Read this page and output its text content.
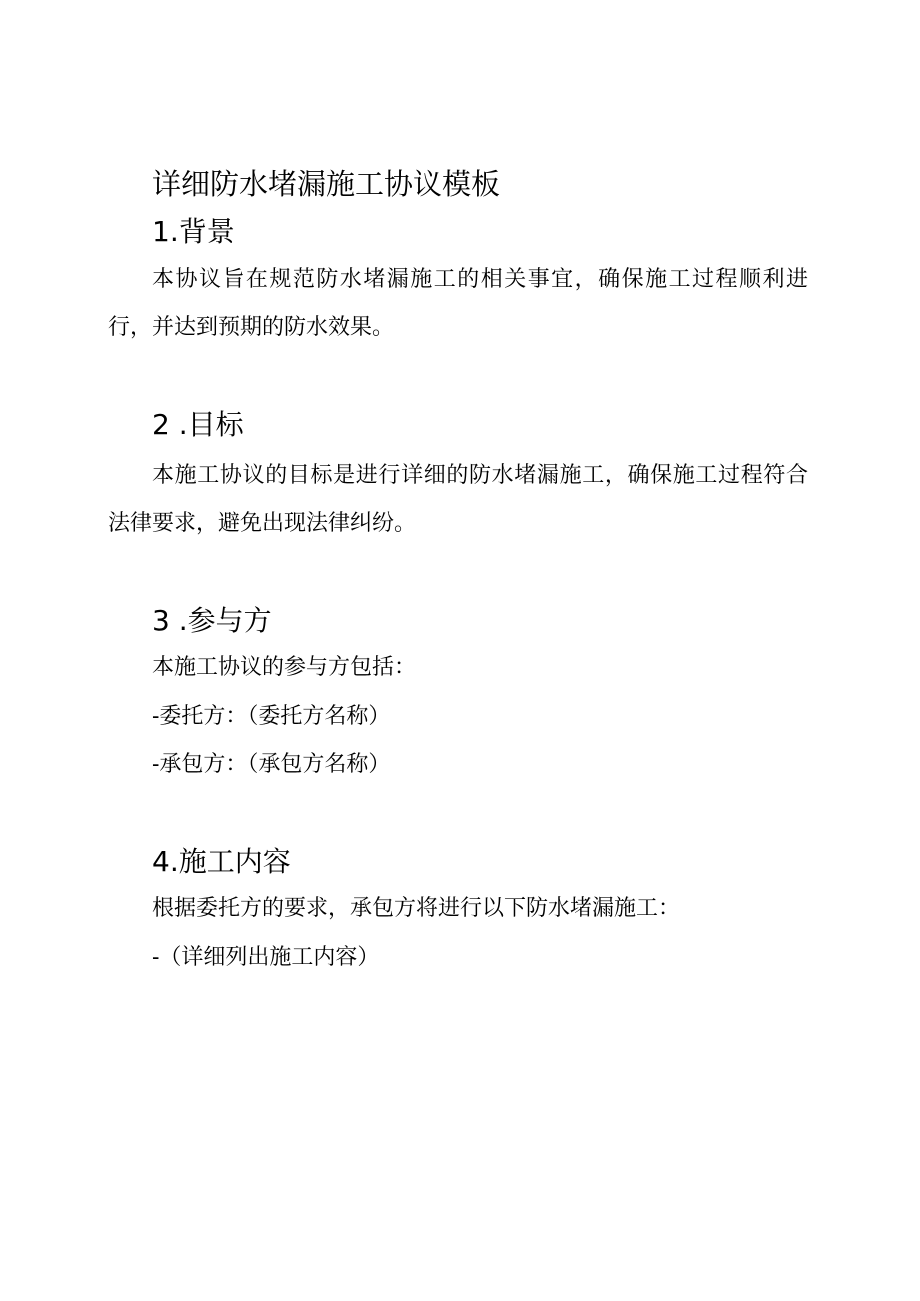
详细防水堵漏施工协议模板
1.背景
本协议旨在规范防水堵漏施工的相关事宜，确保施工过程顺利进行，并达到预期的防水效果。
2 .目标
本施工协议的目标是进行详细的防水堵漏施工，确保施工过程符合法律要求，避免出现法律纠纷。
3 .参与方
本施工协议的参与方包括：
-委托方：（委托方名称）
-承包方：（承包方名称）
4.施工内容
根据委托方的要求，承包方将进行以下防水堵漏施工：
-（详细列出施工内容）
